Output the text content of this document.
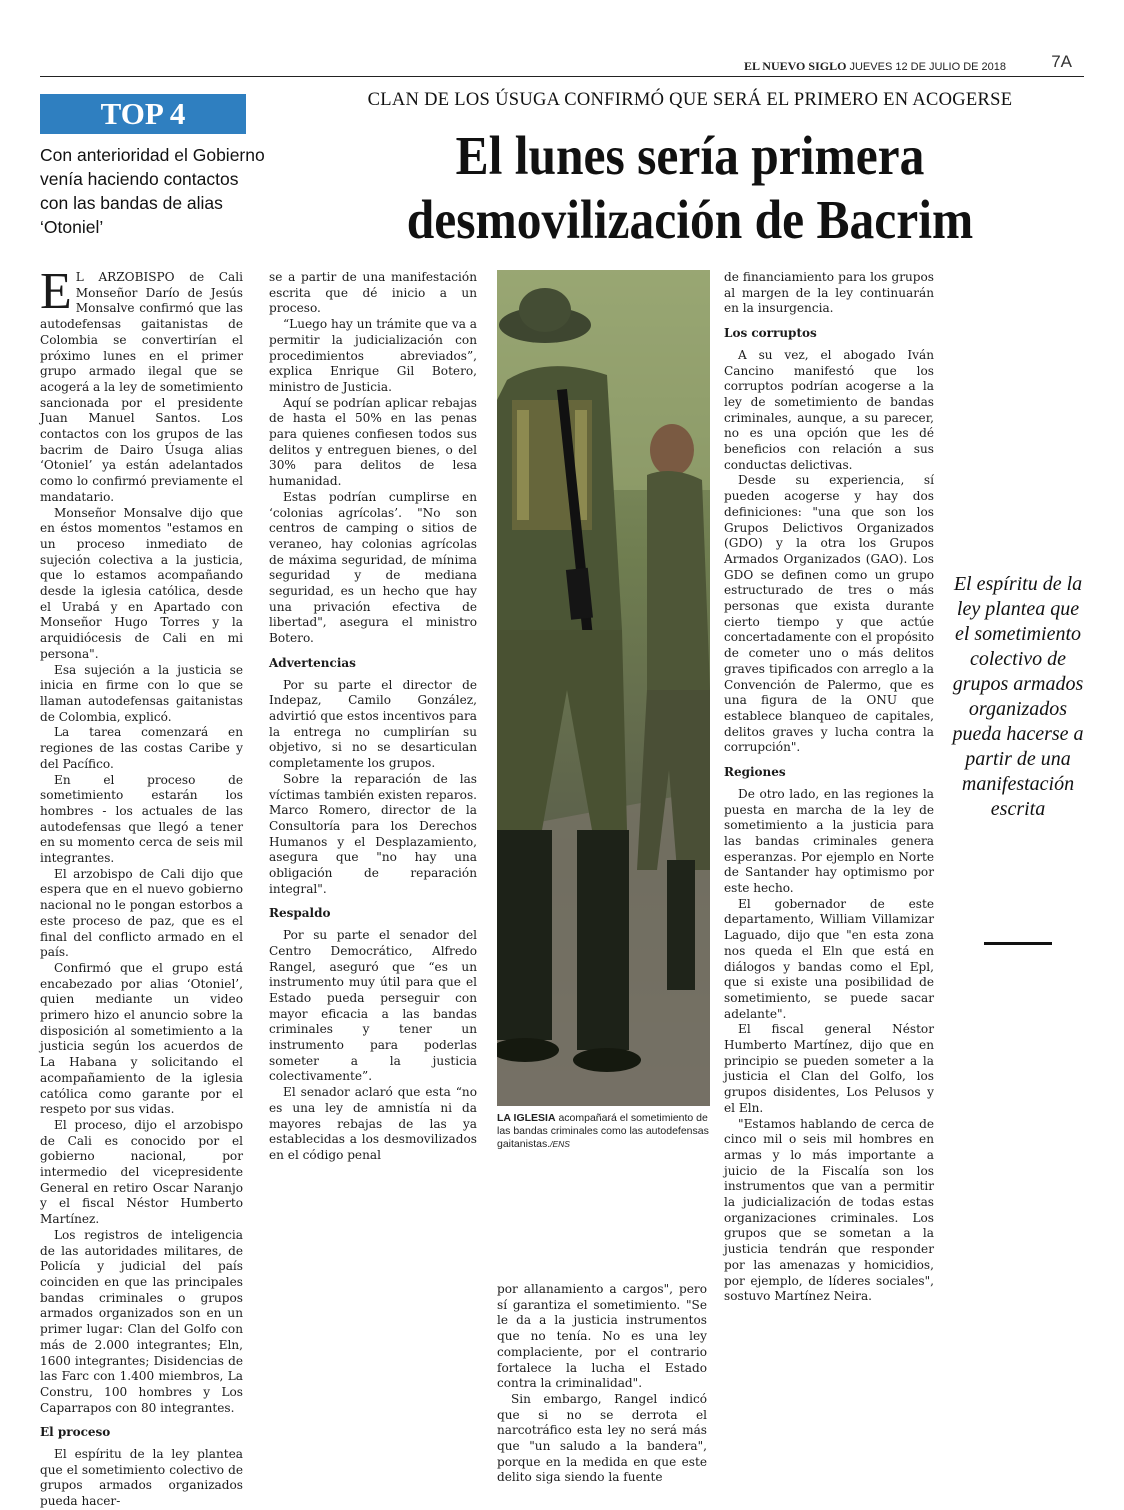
EL NUEVO SIGLO JUEVES 12 DE JULIO DE 2018	7A
TOP 4
Con anterioridad el Gobierno venía haciendo contactos con las bandas de alias ‘Otoniel’
CLAN DE LOS ÚSUGA CONFIRMÓ QUE SERÁ EL PRIMERO EN ACOGERSE
El lunes sería primera
desmovilización de Bacrim

E L ARZOBISPO de Cali Monseñor Darío de Jesús Monsalve confirmó que las autodefensas gaitanistas de Colombia se convertirían el próximo lunes en el primer grupo armado ilegal que se acogerá a la ley de sometimiento sancionada por el presidente Juan Manuel Santos. Los contactos con los grupos de las bacrim de Dairo Úsuga alias ‘Otoniel’ ya están adelantados como lo confirmó previamente el mandatario.

Monseñor Monsalve dijo que en éstos momentos "estamos en un proceso inmediato de sujeción colectiva a la justicia, que lo estamos acompañando desde la iglesia católica, desde el Urabá y en Apartado con Monseñor Hugo Torres y la arquidiócesis de Cali en mi persona".

Esa sujeción a la justicia se inicia en firme con lo que se llaman autodefensas gaitanistas de Colombia, explicó.

La tarea comenzará en regiones de las costas Caribe y del Pacífico.

En el proceso de sometimiento estarán los hombres - los actuales de las autodefensas que llegó a tener en su momento cerca de seis mil integrantes.

El arzobispo de Cali dijo que espera que en el nuevo gobierno nacional no le pongan estorbos a este proceso de paz, que es el final del conflicto armado en el país.

Confirmó que el grupo está encabezado por alias ‘Otoniel’, quien mediante un video primero hizo el anuncio sobre la disposición al sometimiento a la justicia según los acuerdos de La Habana y solicitando el acompañamiento de la iglesia católica como garante por el respeto por sus vidas.

El proceso, dijo el arzobispo de Cali es conocido por el gobierno nacional, por intermedio del vicepresidente General en retiro Oscar Naranjo y el fiscal Néstor Humberto Martínez.

Los registros de inteligencia de las autoridades militares, de Policía y judicial del país coinciden en que las principales bandas criminales o grupos armados organizados son en un primer lugar: Clan del Golfo con más de 2.000 integrantes; Eln, 1600 integrantes; Disidencias de las Farc con 1.400 miembros, La Constru, 100 hombres y Los Caparrapos con 80 integrantes.

El proceso

El espíritu de la ley plantea que el sometimiento colectivo de grupos armados organizados pueda hacer-

se a partir de una manifestación escrita que dé inicio a un proceso.

“Luego hay un trámite que va a permitir la judicialización con procedimientos abreviados”, explica Enrique Gil Botero, ministro de Justicia.

Aquí se podrían aplicar rebajas de hasta el 50% en las penas para quienes confiesen todos sus delitos y entreguen bienes, o del 30% para delitos de lesa humanidad.

Estas podrían cumplirse en ‘colonias agrícolas’. "No son centros de camping o sitios de veraneo, hay colonias agrícolas de máxima seguridad, de mínima seguridad y de mediana seguridad, es un hecho que hay una privación efectiva de libertad", asegura el ministro Botero.

Advertencias

Por su parte el director de Indepaz, Camilo González, advirtió que estos incentivos para la entrega no cumplirían su objetivo, si no se desarticulan completamente los grupos.

Sobre la reparación de las víctimas también existen reparos. Marco Romero, director de la Consultoría para los Derechos Humanos y el Desplazamiento, asegura que "no hay una obligación de reparación integral".

Respaldo

Por su parte el senador del Centro Democrático, Alfredo Rangel, aseguró que “es un instrumento muy útil para que el Estado pueda perseguir con mayor eficacia a las bandas criminales y tener un instrumento para poderlas someter a la justicia colectivamente”.

El senador aclaró que esta “no es una ley de amnistía ni da mayores rebajas de las ya establecidas a los desmovilizados en el código penal

LA IGLESIA acompañará el sometimiento de las bandas criminales como las autodefensas gaitanistas./ENS

por allanamiento a cargos", pero sí garantiza el sometimiento. "Se le da a la justicia instrumentos que no tenía. No es una ley complaciente, por el contrario fortalece la lucha el Estado contra la criminalidad".

Sin embargo, Rangel indicó que si no se derrota el narcotráfico esta ley no será más que "un saludo a la bandera", porque en la medida en que este delito siga siendo la fuente

de financiamiento para los grupos al margen de la ley continuarán en la insurgencia.

Los corruptos

A su vez, el abogado Iván Cancino manifestó que los corruptos podrían acogerse a la ley de sometimiento de bandas criminales, aunque, a su parecer, no es una opción que les dé beneficios con relación a sus conductas delictivas.

Desde su experiencia, sí pueden acogerse y hay dos definiciones: "una que son los Grupos Delictivos Organizados (GDO) y la otra los Grupos Armados Organizados (GAO). Los GDO se definen como un grupo estructurado de tres o más personas que exista durante cierto tiempo y que actúe concertadamente con el propósito de cometer uno o más delitos graves tipificados con arreglo a la Convención de Palermo, que es una figura de la ONU que establece blanqueo de capitales, delitos graves y lucha contra la corrupción".

Regiones

De otro lado, en las regiones la puesta en marcha de la ley de sometimiento a la justicia para las bandas criminales genera esperanzas. Por ejemplo en Norte de Santander hay optimismo por este hecho.

El gobernador de este departamento, William Villamizar Laguado, dijo que "en esta zona nos queda el Eln que está en diálogos y bandas como el Epl, que si existe una posibilidad de sometimiento, se puede sacar adelante".

El fiscal general Néstor Humberto Martínez, dijo que en principio se pueden someter a la justicia el Clan del Golfo, los grupos disidentes, Los Pelusos y el Eln.

"Estamos hablando de cerca de cinco mil o seis mil hombres en armas y lo más importante a juicio de la Fiscalía son los instrumentos que van a permitir la judicialización de todas estas organizaciones criminales. Los grupos que se sometan a la justicia tendrán que responder por las amenazas y homicidios, por ejemplo, de líderes sociales", sostuvo Martínez Neira.

El espíritu de la ley plantea que el sometimiento colectivo de grupos armados organizados pueda hacerse a partir de una manifestación escrita
